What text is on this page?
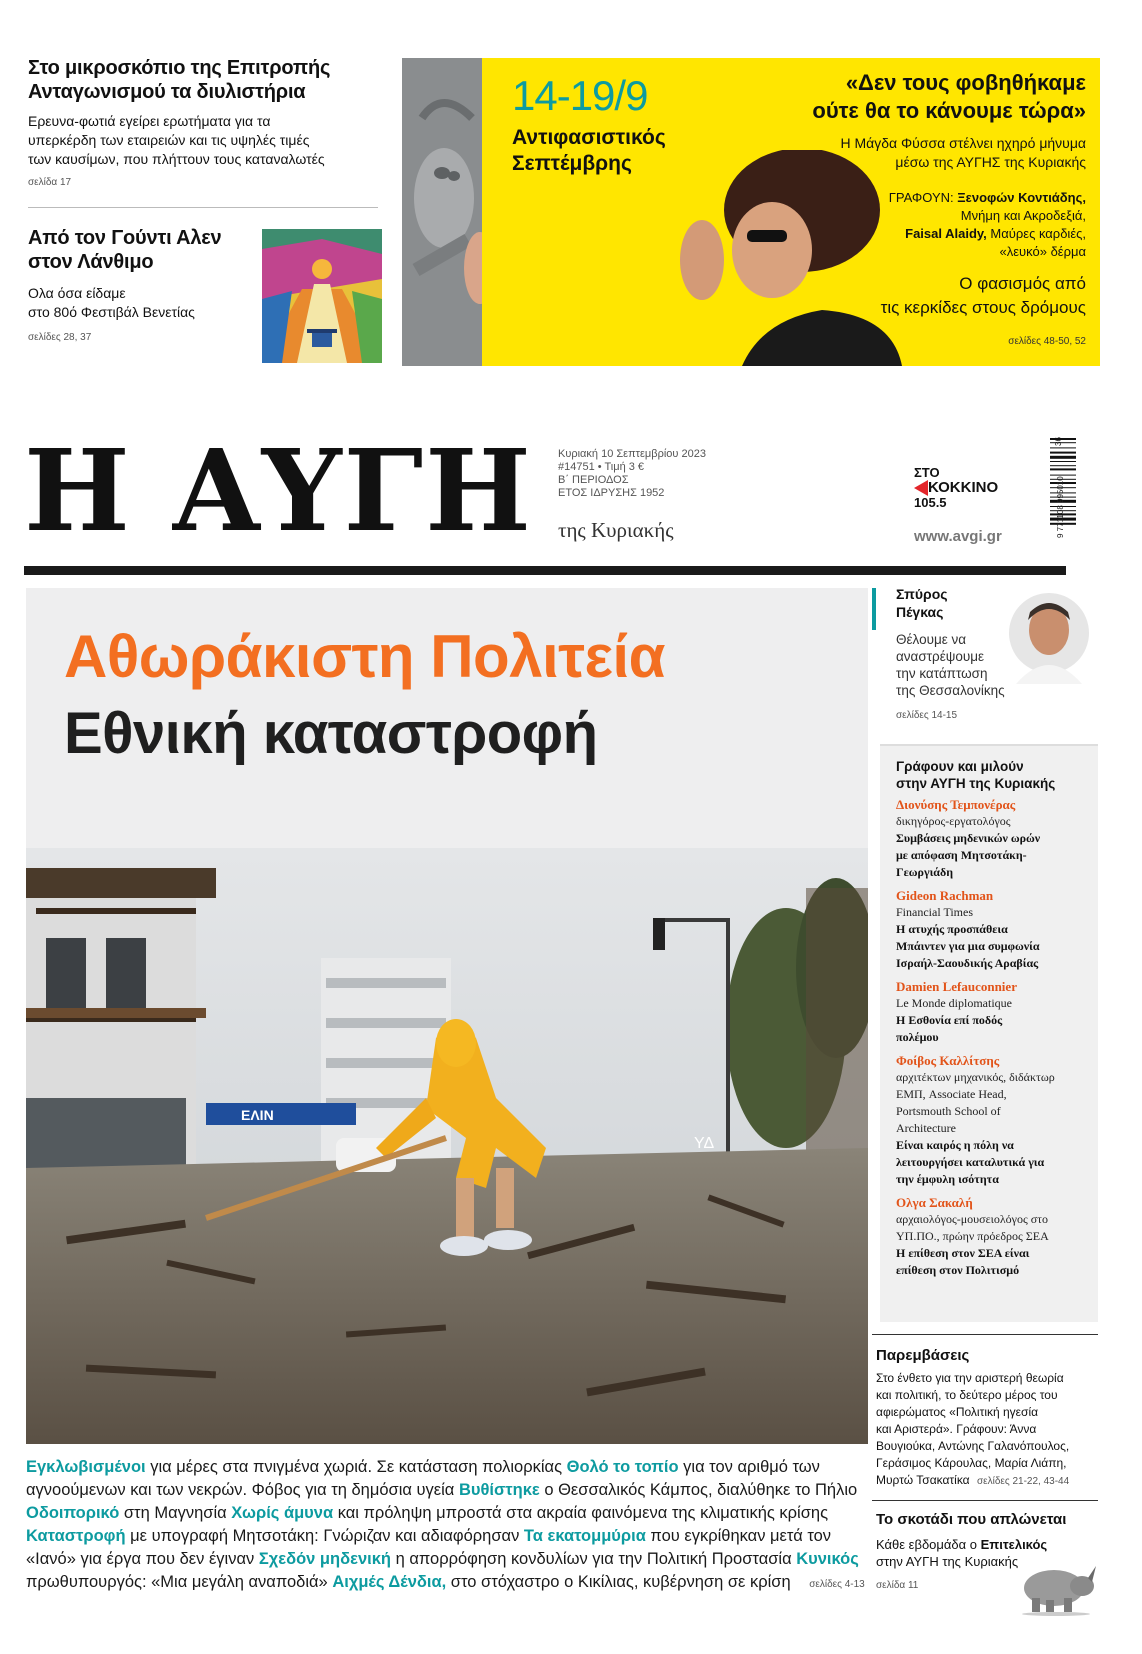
Στο μικροσκόπιο της Επιτροπής
Ανταγωνισμού τα διυλιστήρια
Ερευνα-φωτιά εγείρει ερωτήματα για τα
υπερκέρδη των εταιρειών και τις υψηλές τιμές
των καυσίμων, που πλήττουν τους καταναλωτές
σελίδα 17
Από τον Γούντι Αλεν
στον Λάνθιμο
Ολα όσα είδαμε
στο 80ό Φεστιβάλ Βενετίας
σελίδες 28, 37
14-19/9
Αντιφασιστικός
Σεπτέμβρης
«Δεν τους φοβηθήκαμε
ούτε θα το κάνουμε τώρα»
Η Μάγδα Φύσσα στέλνει ηχηρό μήνυμα
μέσω της ΑΥΓΗΣ της Κυριακής
ΓΡΑΦΟΥΝ: Ξενοφών Κοντιάδης,
Μνήμη και Ακροδεξιά,
Faisal Alaidy, Μαύρες καρδιές,
«λευκό» δέρμα
Ο φασισμός από
τις κερκίδες στους δρόμους
σελίδες 48-50, 52
Η ΑΥΓΗ Κυριακή 10 Σεπτεμβρίου 2023
#14751 • Τιμή 3 €
Β΄ ΠΕΡΙΟΔΟΣ
ΕΤΟΣ ΙΔΡΥΣΗΣ 1952
της Κυριακής
ΣΤΟ
ΚΟΚΚΙΝΟ
105.5
www.avgi.gr	9 771108 995010
36
Αθωράκιστη Πολιτεία
Εθνική καταστροφή
ΕΛΙΝ
ΥΔ
Εγκλωβισμένοι για μέρες στα πνιγμένα χωριά. Σε κατάσταση πολιορκίας Θολό το τοπίο για τον αριθμό των αγνοούμενων και των νεκρών. Φόβος για τη δημόσια υγεία Βυθίστηκε ο Θεσσαλικός Κάμπος, διαλύθηκε το Πήλιο Οδοιπορικό στη Μαγνησία Χωρίς άμυνα και πρόληψη μπροστά στα ακραία φαινόμενα της κλιματικής κρίσης Καταστροφή με υπογραφή Μητσοτάκη: Γνώριζαν και αδιαφόρησαν Τα εκατομμύρια που εγκρίθηκαν μετά τον «Ιανό» για έργα που δεν έγιναν Σχεδόν μηδενική η απορρόφηση κονδυλίων για την Πολιτική Προστασία Κυνικός πρωθυπουργός: «Μια μεγάλη αναποδιά» Αιχμές Δένδια, στο στόχαστρο ο Κικίλιας, κυβέρνηση σε κρίση σελίδες 4-13
Σπύρος
Πέγκας
Θέλουμε να
αναστρέψουμε
την κατάπτωση
της Θεσσαλονίκης
σελίδες 14-15
Γράφουν και μιλούν
στην ΑΥΓΗ της Κυριακής
Διονύσης Τεμπονέρας
δικηγόρος-εργατολόγος
Συμβάσεις μηδενικών ωρών
με απόφαση Μητσοτάκη-
Γεωργιάδη
Gideon Rachman
Financial Times
Η ατυχής προσπάθεια
Μπάιντεν για μια συμφωνία
Ισραήλ-Σαουδικής Αραβίας
Damien Lefauconnier
Le Monde diplomatique
Η Εσθονία επί ποδός
πολέμου
Φοίβος Καλλίτσης
αρχιτέκτων μηχανικός, διδάκτωρ
ΕΜΠ, Associate Head,
Portsmouth School of
Architecture
Είναι καιρός η πόλη να
λειτουργήσει καταλυτικά για
την έμφυλη ισότητα
Ολγα Σακαλή
αρχαιολόγος-μουσειολόγος στο
ΥΠ.ΠΟ., πρώην πρόεδρος ΣΕΑ
Η επίθεση στον ΣΕΑ είναι
επίθεση στον Πολιτισμό
Παρεμβάσεις
Στο ένθετο για την αριστερή θεωρία
και πολιτική, το δεύτερο μέρος του
αφιερώματος «Πολιτική ηγεσία
και Αριστερά». Γράφουν: Άννα
Βουγιούκα, Αντώνης Γαλανόπουλος,
Γεράσιμος Κάρουλας, Μαρία Λιάπη,
Μυρτώ Τσακατίκα σελίδες 21-22, 43-44
Το σκοτάδι που απλώνεται
Κάθε εβδομάδα ο Επιτελικός
στην ΑΥΓΗ της Κυριακής
σελίδα 11
